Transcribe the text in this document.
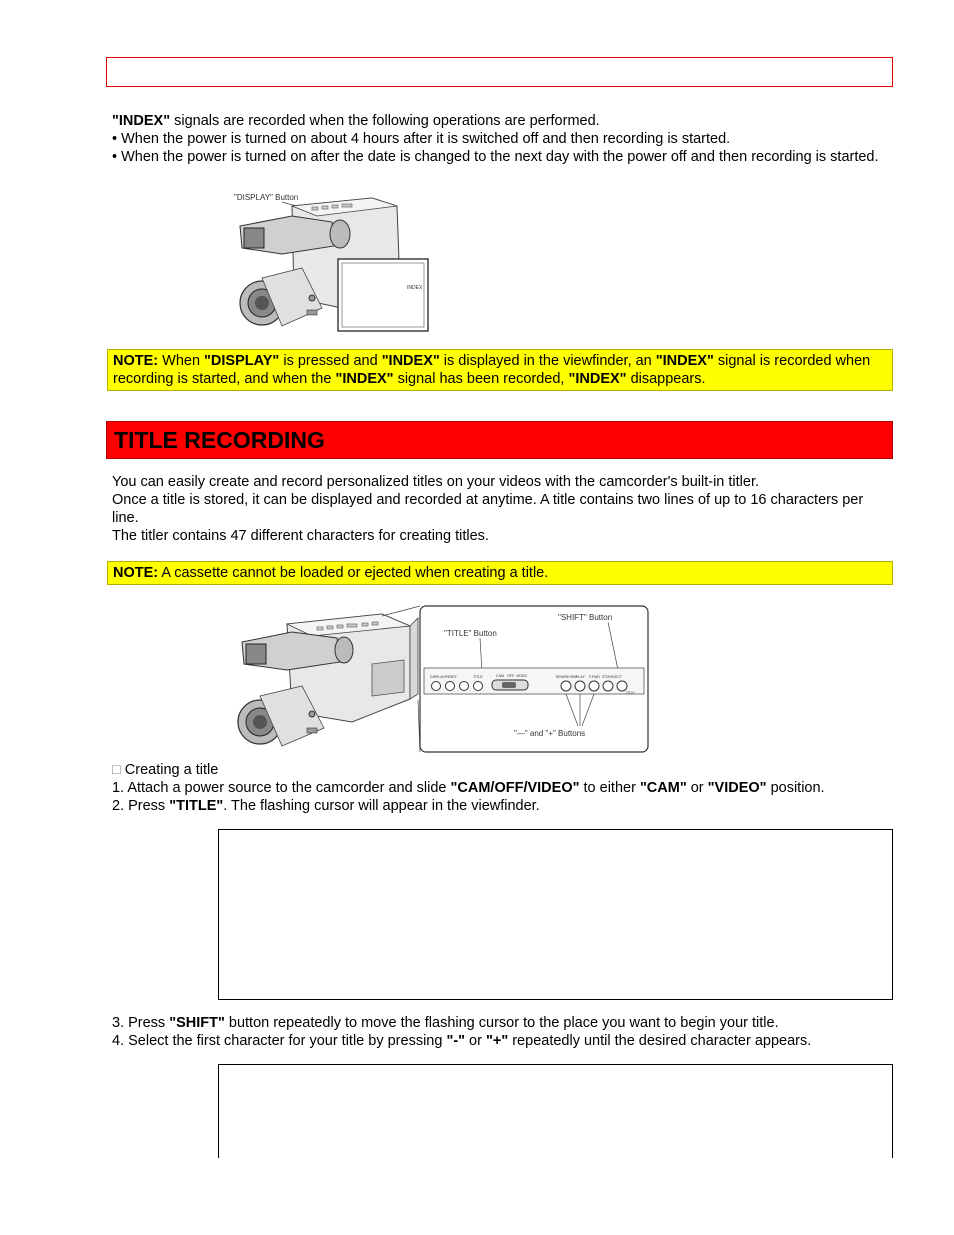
"INDEX" signals are recorded when the following operations are performed.

• When the power is turned on about 4 hours after it is switched off and then recording is started.

• When the power is turned on after the date is changed to the next day with the power off and then recording is started.

"DISPLAY" Button
INDEX
NOTE: When "DISPLAY" is pressed and "INDEX" is displayed in the viewfinder, an "INDEX" signal is recorded when recording is started, and when the "INDEX" signal has been recorded, "INDEX" disappears.
TITLE RECORDING

You can easily create and record personalized titles on your videos with the camcorder's built-in titler.

Once a title is stored, it can be displayed and recorded at anytime. A title contains two lines of up to 16 characters per line.

The titler contains 47 different characters for creating titles.

NOTE: A cassette cannot be loaded or ejected when creating a title.
"TITLE" Button
"SHIFT" Button
DISPLAY RESET	TITLE	CAM OFF VIDEO	REW/REVIEW PLAY F.FWD STOP/EJECT
TITLE
"—" and "+" Buttons

□ Creating a title

1. Attach a power source to the camcorder and slide "CAM/OFF/VIDEO" to either "CAM" or "VIDEO" position.

2. Press "TITLE". The flashing cursor will appear in the viewfinder.

3. Press "SHIFT" button repeatedly to move the flashing cursor to the place you want to begin your title.

4. Select the first character for your title by pressing "-" or "+" repeatedly until the desired character appears.
